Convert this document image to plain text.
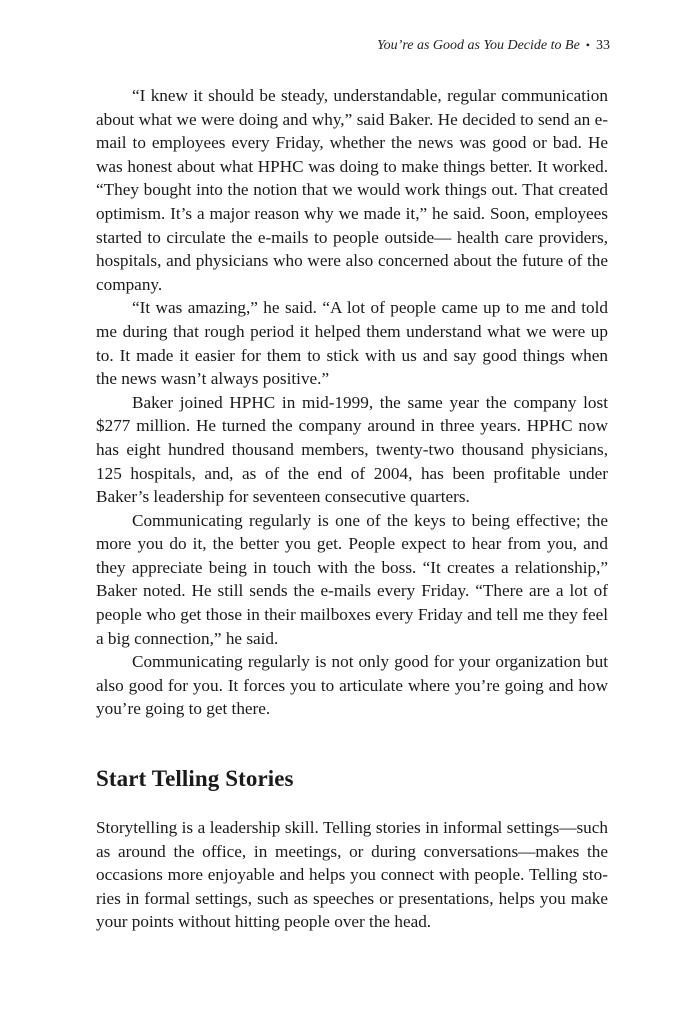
You’re as Good as You Decide to Be • 33

“I knew it should be steady, understandable, regular communication about what we were doing and why,” said Baker. He decided to send an e-mail to employees every Friday, whether the news was good or bad. He was honest about what HPHC was doing to make things better. It worked. “They bought into the notion that we would work things out. That created optimism. It’s a major reason why we made it,” he said. Soon, employees started to circulate the e-mails to people outside— health care providers, hospitals, and physicians who were also concerned about the future of the company.

“It was amazing,” he said. “A lot of people came up to me and told me during that rough period it helped them understand what we were up to. It made it easier for them to stick with us and say good things when the news wasn’t always positive.”

Baker joined HPHC in mid-1999, the same year the company lost $277 million. He turned the company around in three years. HPHC now has eight hundred thousand members, twenty-two thousand physicians, 125 hospitals, and, as of the end of 2004, has been profitable under Baker’s leadership for seventeen consecutive quarters.

Communicating regularly is one of the keys to being effective; the more you do it, the better you get. People expect to hear from you, and they appreciate being in touch with the boss. “It creates a relationship,” Baker noted. He still sends the e-mails every Friday. “There are a lot of people who get those in their mailboxes every Friday and tell me they feel a big connection,” he said.

Communicating regularly is not only good for your organization but also good for you. It forces you to articulate where you’re going and how you’re going to get there.

Start Telling Stories

Storytelling is a leadership skill. Telling stories in informal settings—such as around the office, in meetings, or during conversations—makes the occasions more enjoyable and helps you connect with people. Telling stories in formal settings, such as speeches or presentations, helps you make your points without hitting people over the head.
